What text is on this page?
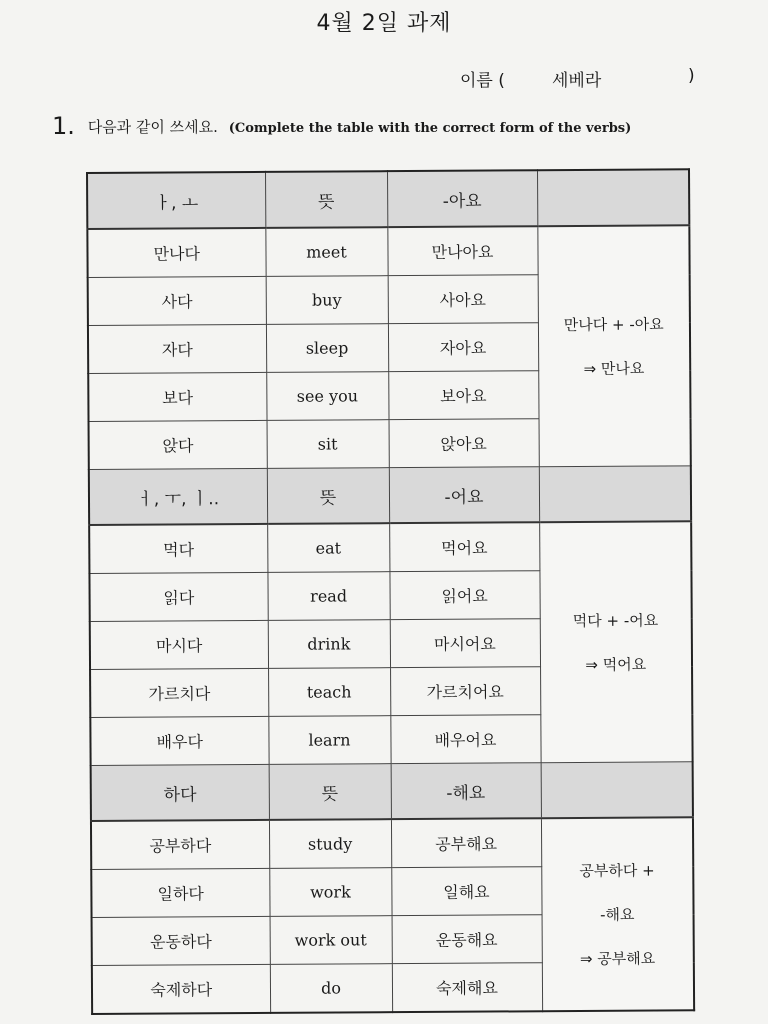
4월 2일 과제
이름 (	세베라	)
1. 다음과 같이 쓰세요. (Complete the table with the correct form of the verbs)
ㅏ, ㅗ	뜻	-아요	
만나다	meet	만나아요	만나다 + -아요
⇒ 만나요

사다	buy	사아요	
자다	sleep	자아요	
보다	see you	보아요	
앉다	sit	앉아요	
ㅓ, ㅜ, ㅣ..	뜻	-어요	
먹다	eat	먹어요	먹다 + -어요
⇒ 먹어요

읽다	read	읽어요	
마시다	drink	마시어요	
가르치다	teach	가르치어요	
배우다	learn	배우어요	
하다	뜻	-해요	
공부하다	study	공부해요	공부하다 +
-해요
⇒ 공부해요

일하다	work	일해요	
운동하다	work out	운동해요	
숙제하다	do	숙제해요	
